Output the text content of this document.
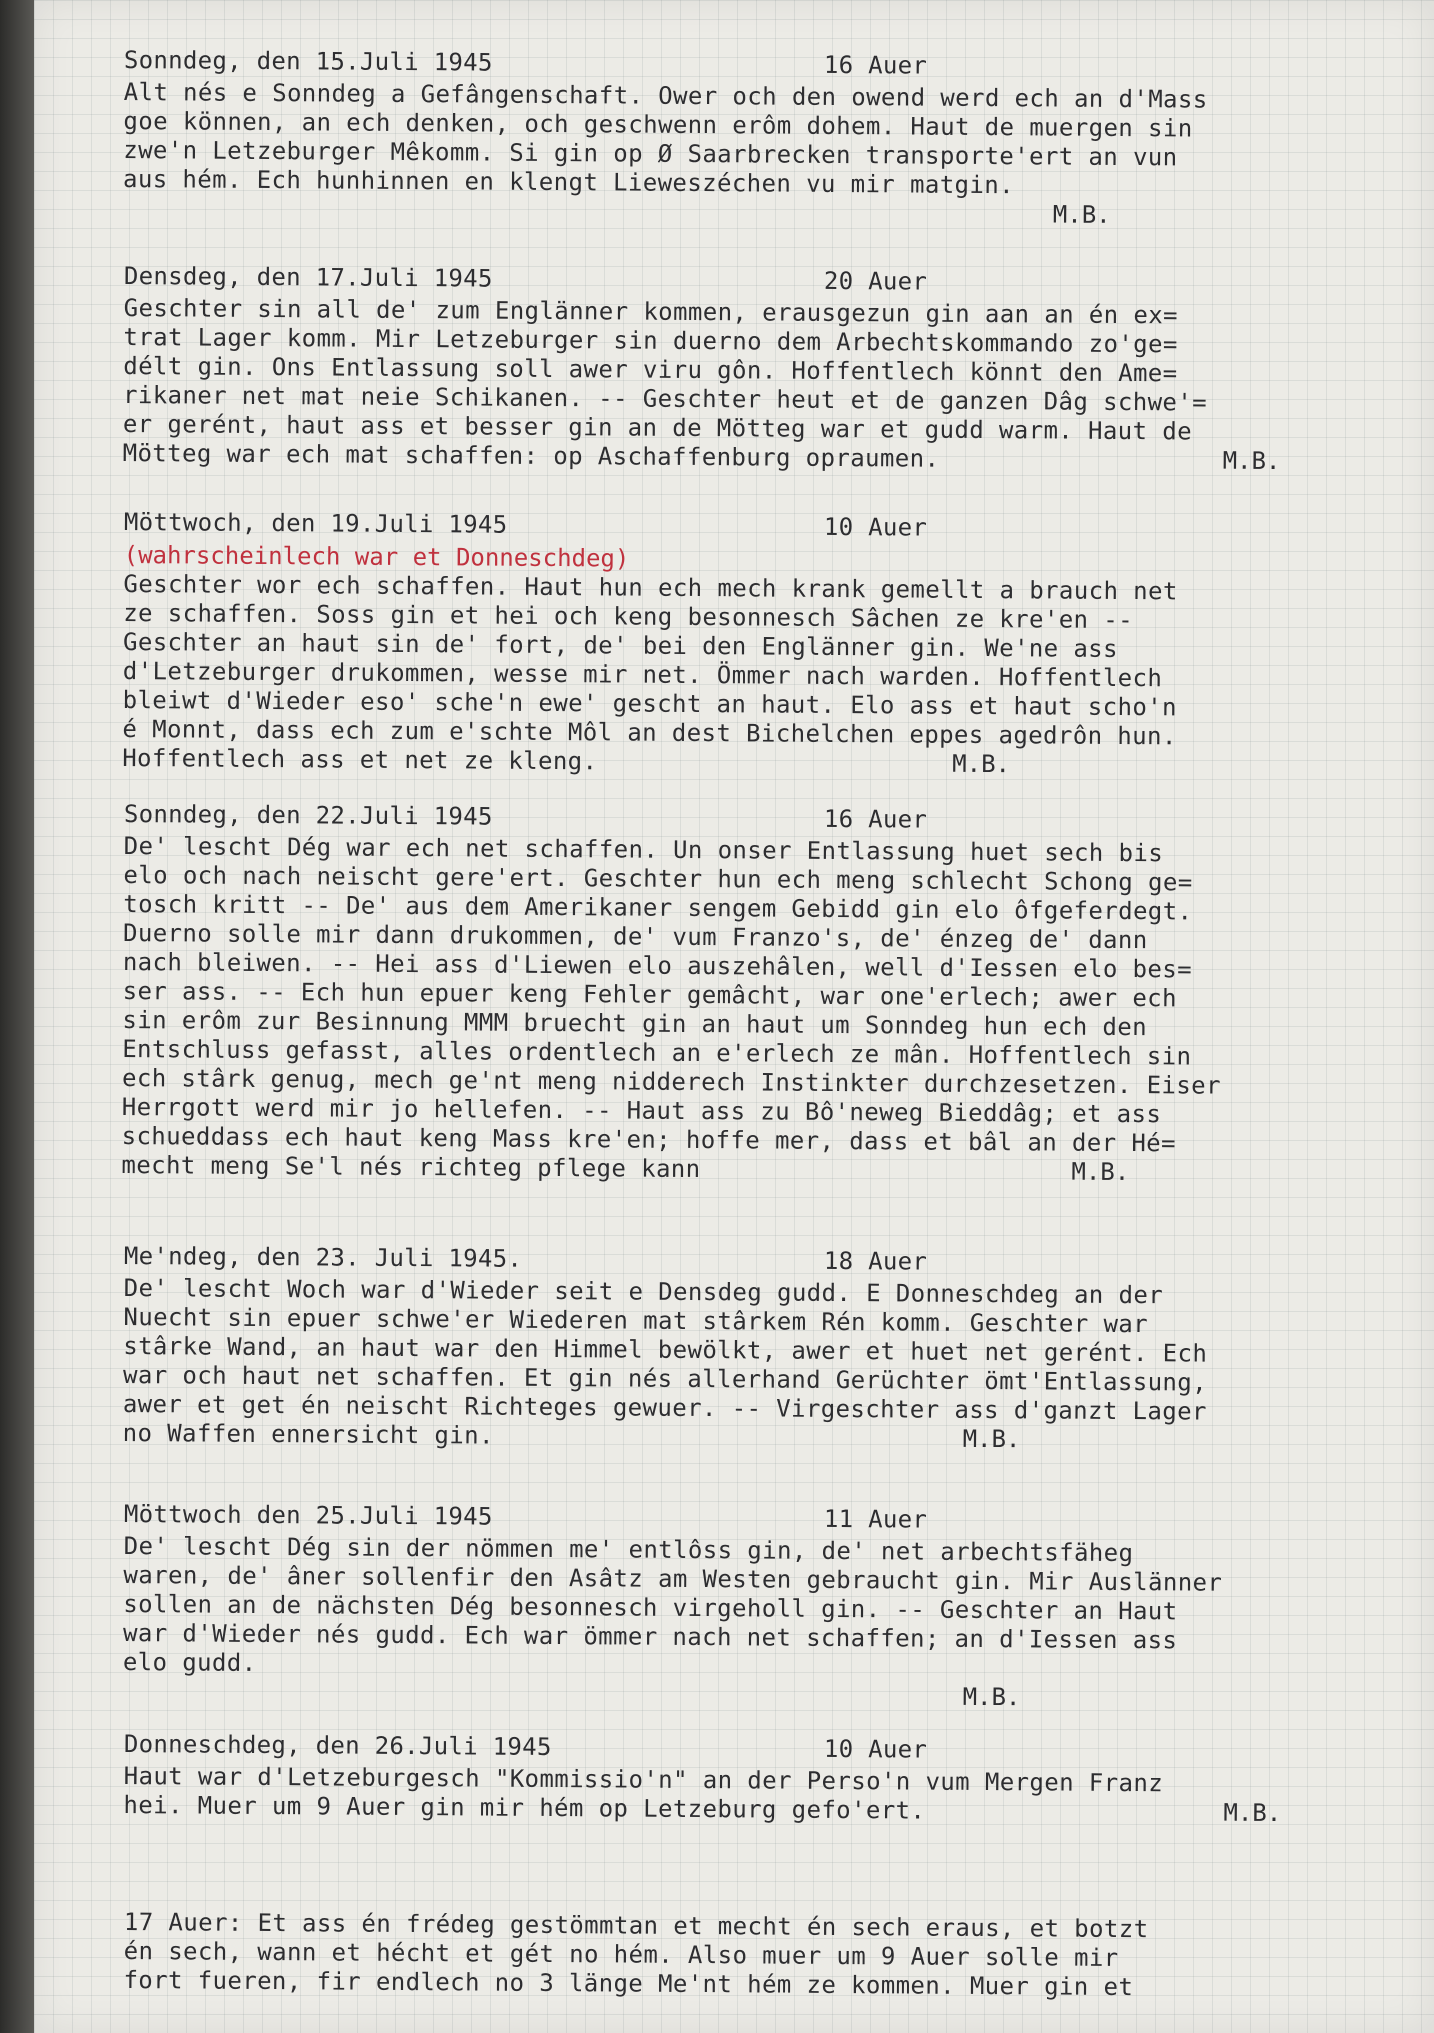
Sonndeg, den 15.Juli 1945

	16 Auer

Alt nés e Sonndeg a Gefângenschaft. Ower och den owend werd ech an d'Mass
goe können, an ech denken, och geschwenn erôm dohem. Haut de muergen sin
zwe'n Letzeburger Mêkomm. Si gin op Ø Saarbrecken transporte'ert an vun
aus hém. Ech hunhinnen en klengt Lieweszéchen vu mir matgin.
M.B.

Densdeg, den 17.Juli 1945

	20 Auer

Geschter sin all de' zum Englänner kommen, erausgezun gin aan an én ex=
trat Lager komm. Mir Letzeburger sin duerno dem Arbechtskommando zo'ge=
délt gin. Ons Entlassung soll awer viru gôn. Hoffentlech könnt den Ame=
rikaner net mat neie Schikanen. -- Geschter heut et de ganzen Dâg schwe'=
er gerént, haut ass et besser gin an de Mötteg war et gudd warm. Haut de
Mötteg war ech mat schaffen: op Aschaffenburg opraumen.	M.B.

Möttwoch, den 19.Juli 1945

	10 Auer

(wahrscheinlech war et Donneschdeg)
Geschter wor ech schaffen. Haut hun ech mech krank gemellt a brauch net
ze schaffen. Soss gin et hei och keng besonnesch Sâchen ze kre'en --
Geschter an haut sin de' fort, de' bei den Englänner gin. We'ne ass
d'Letzeburger drukommen, wesse mir net. Ömmer nach warden. Hoffentlech
bleiwt d'Wieder eso' sche'n ewe' gescht an haut. Elo ass et haut scho'n
é Monnt, dass ech zum e'schte Môl an dest Bichelchen eppes agedrôn hun.
Hoffentlech ass et net ze kleng.	M.B.

Sonndeg, den 22.Juli 1945

	16 Auer

De' lescht Dég war ech net schaffen. Un onser Entlassung huet sech bis
elo och nach neischt gere'ert. Geschter hun ech meng schlecht Schong ge=
tosch kritt -- De' aus dem Amerikaner sengem Gebidd gin elo ôfgeferdegt.
Duerno solle mir dann drukommen, de' vum Franzo's, de' énzeg de' dann
nach bleiwen. -- Hei ass d'Liewen elo auszehâlen, well d'Iessen elo bes=
ser ass. -- Ech hun epuer keng Fehler gemâcht, war one'erlech; awer ech
sin erôm zur Besinnung MMM bruecht gin an haut um Sonndeg hun ech den
Entschluss gefasst, alles ordentlech an e'erlech ze mân. Hoffentlech sin
ech stârk genug, mech ge'nt meng nidderech Instinkter durchzesetzen. Eiser
Herrgott werd mir jo hellefen. -- Haut ass zu Bô'neweg Bieddâg; et ass
schueddass ech haut keng Mass kre'en; hoffe mer, dass et bâl an der Hé=
mecht meng Se'l nés richteg pflege kann	M.B.

Me'ndeg, den 23. Juli 1945.

	18 Auer

De' lescht Woch war d'Wieder seit e Densdeg gudd. E Donneschdeg an der
Nuecht sin epuer schwe'er Wiederen mat stârkem Rén komm. Geschter war
stârke Wand, an haut war den Himmel bewölkt, awer et huet net gerént. Ech
war och haut net schaffen. Et gin nés allerhand Gerüchter ömt'Entlassung,
awer et get én neischt Richteges gewuer. -- Virgeschter ass d'ganzt Lager
no Waffen ennersicht gin.	M.B.

Möttwoch den 25.Juli 1945

	11 Auer

De' lescht Dég sin der nömmen me' entlôss gin, de' net arbechtsfäheg
waren, de' âner sollenfir den Asâtz am Westen gebraucht gin. Mir Auslänner
sollen an de nächsten Dég besonnesch virgeholl gin. -- Geschter an Haut
war d'Wieder nés gudd. Ech war ömmer nach net schaffen; an d'Iessen ass
elo gudd.
M.B.

Donneschdeg, den 26.Juli 1945

	10 Auer

Haut war d'Letzeburgesch "Kommissio'n" an der Perso'n vum Mergen Franz
hei. Muer um 9 Auer gin mir hém op Letzeburg gefo'ert.	M.B.
17 Auer: Et ass én frédeg gestömmtan et mecht én sech eraus, et botzt
én sech, wann et hécht et gét no hém. Also muer um 9 Auer solle mir
fort fueren, fir endlech no 3 länge Me'nt hém ze kommen. Muer gin et
